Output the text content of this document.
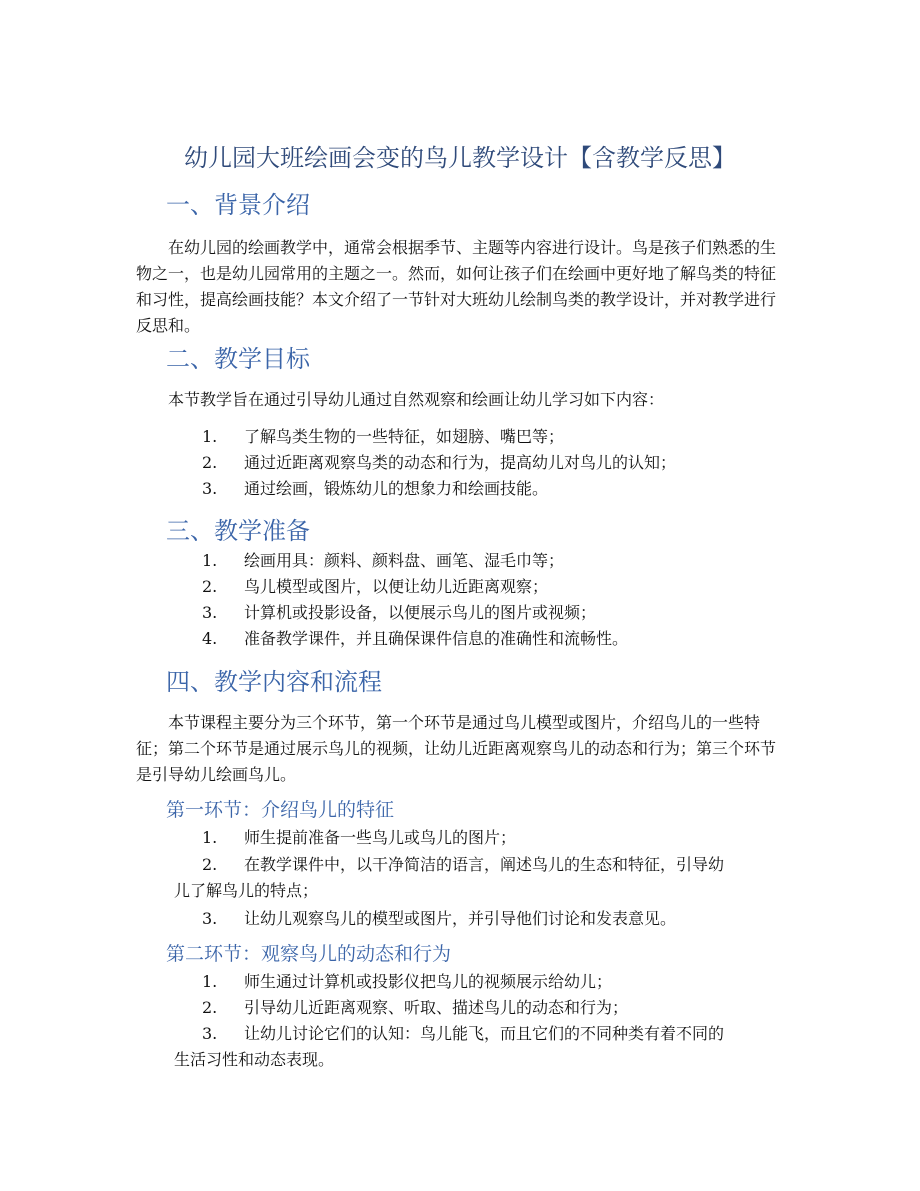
幼儿园大班绘画会变的鸟儿教学设计【含教学反思】
一、背景介绍

在幼儿园的绘画教学中，通常会根据季节、主题等内容进行设计。鸟是孩子们熟悉的生物之一，也是幼儿园常用的主题之一。然而，如何让孩子们在绘画中更好地了解鸟类的特征和习性，提高绘画技能？本文介绍了一节针对大班幼儿绘制鸟类的教学设计，并对教学进行反思和。

二、教学目标

本节教学旨在通过引导幼儿通过自然观察和绘画让幼儿学习如下内容：

1.	了解鸟类生物的一些特征，如翅膀、嘴巴等；
2.	通过近距离观察鸟类的动态和行为，提高幼儿对鸟儿的认知；
3.	通过绘画，锻炼幼儿的想象力和绘画技能。
三、教学准备
1.	绘画用具：颜料、颜料盘、画笔、湿毛巾等；
2.	鸟儿模型或图片，以便让幼儿近距离观察；
3.	计算机或投影设备，以便展示鸟儿的图片或视频；
4.	准备教学课件，并且确保课件信息的准确性和流畅性。
四、教学内容和流程

本节课程主要分为三个环节，第一个环节是通过鸟儿模型或图片，介绍鸟儿的一些特征；第二个环节是通过展示鸟儿的视频，让幼儿近距离观察鸟儿的动态和行为；第三个环节是引导幼儿绘画鸟儿。

第一环节：介绍鸟儿的特征
1.	师生提前准备一些鸟儿或鸟儿的图片；
2.	在教学课件中，以干净简洁的语言，阐述鸟儿的生态和特征，引导幼
儿了解鸟儿的特点；
3.	让幼儿观察鸟儿的模型或图片，并引导他们讨论和发表意见。
第二环节：观察鸟儿的动态和行为
1.	师生通过计算机或投影仪把鸟儿的视频展示给幼儿；
2.	引导幼儿近距离观察、听取、描述鸟儿的动态和行为；
3.	让幼儿讨论它们的认知：鸟儿能飞，而且它们的不同种类有着不同的
生活习性和动态表现。
